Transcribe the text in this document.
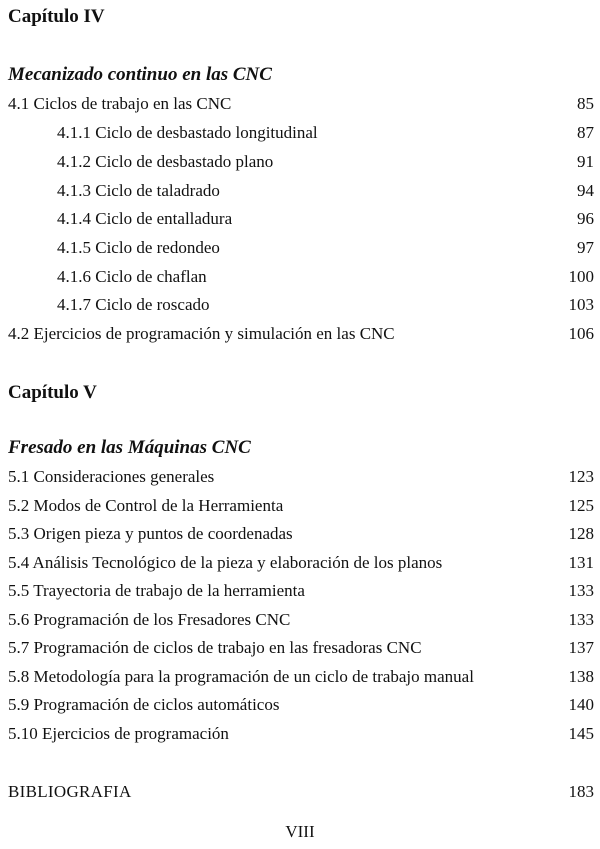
Capítulo IV
Mecanizado continuo en las CNC
4.1 Ciclos de trabajo en las CNC	85
4.1.1 Ciclo de desbastado longitudinal	87
4.1.2 Ciclo de desbastado plano	91
4.1.3 Ciclo de taladrado	94
4.1.4 Ciclo de entalladura	96
4.1.5 Ciclo de redondeo	97
4.1.6 Ciclo de chaflan	100
4.1.7 Ciclo de roscado	103
4.2 Ejercicios de programación y simulación en las CNC	106
Capítulo V
Fresado en las Máquinas CNC
5.1 Consideraciones generales	123
5.2 Modos de Control de la Herramienta	125
5.3 Origen pieza y puntos de coordenadas	128
5.4 Análisis Tecnológico de la pieza y elaboración de los planos	131
5.5 Trayectoria de trabajo de la herramienta	133
5.6 Programación de los Fresadores CNC	133
5.7 Programación de ciclos de trabajo en las fresadoras CNC	137
5.8 Metodología para la programación de un ciclo de trabajo manual	138
5.9 Programación de ciclos automáticos	140
5.10 Ejercicios de programación	145
BIBLIOGRAFIA	183
VIII
